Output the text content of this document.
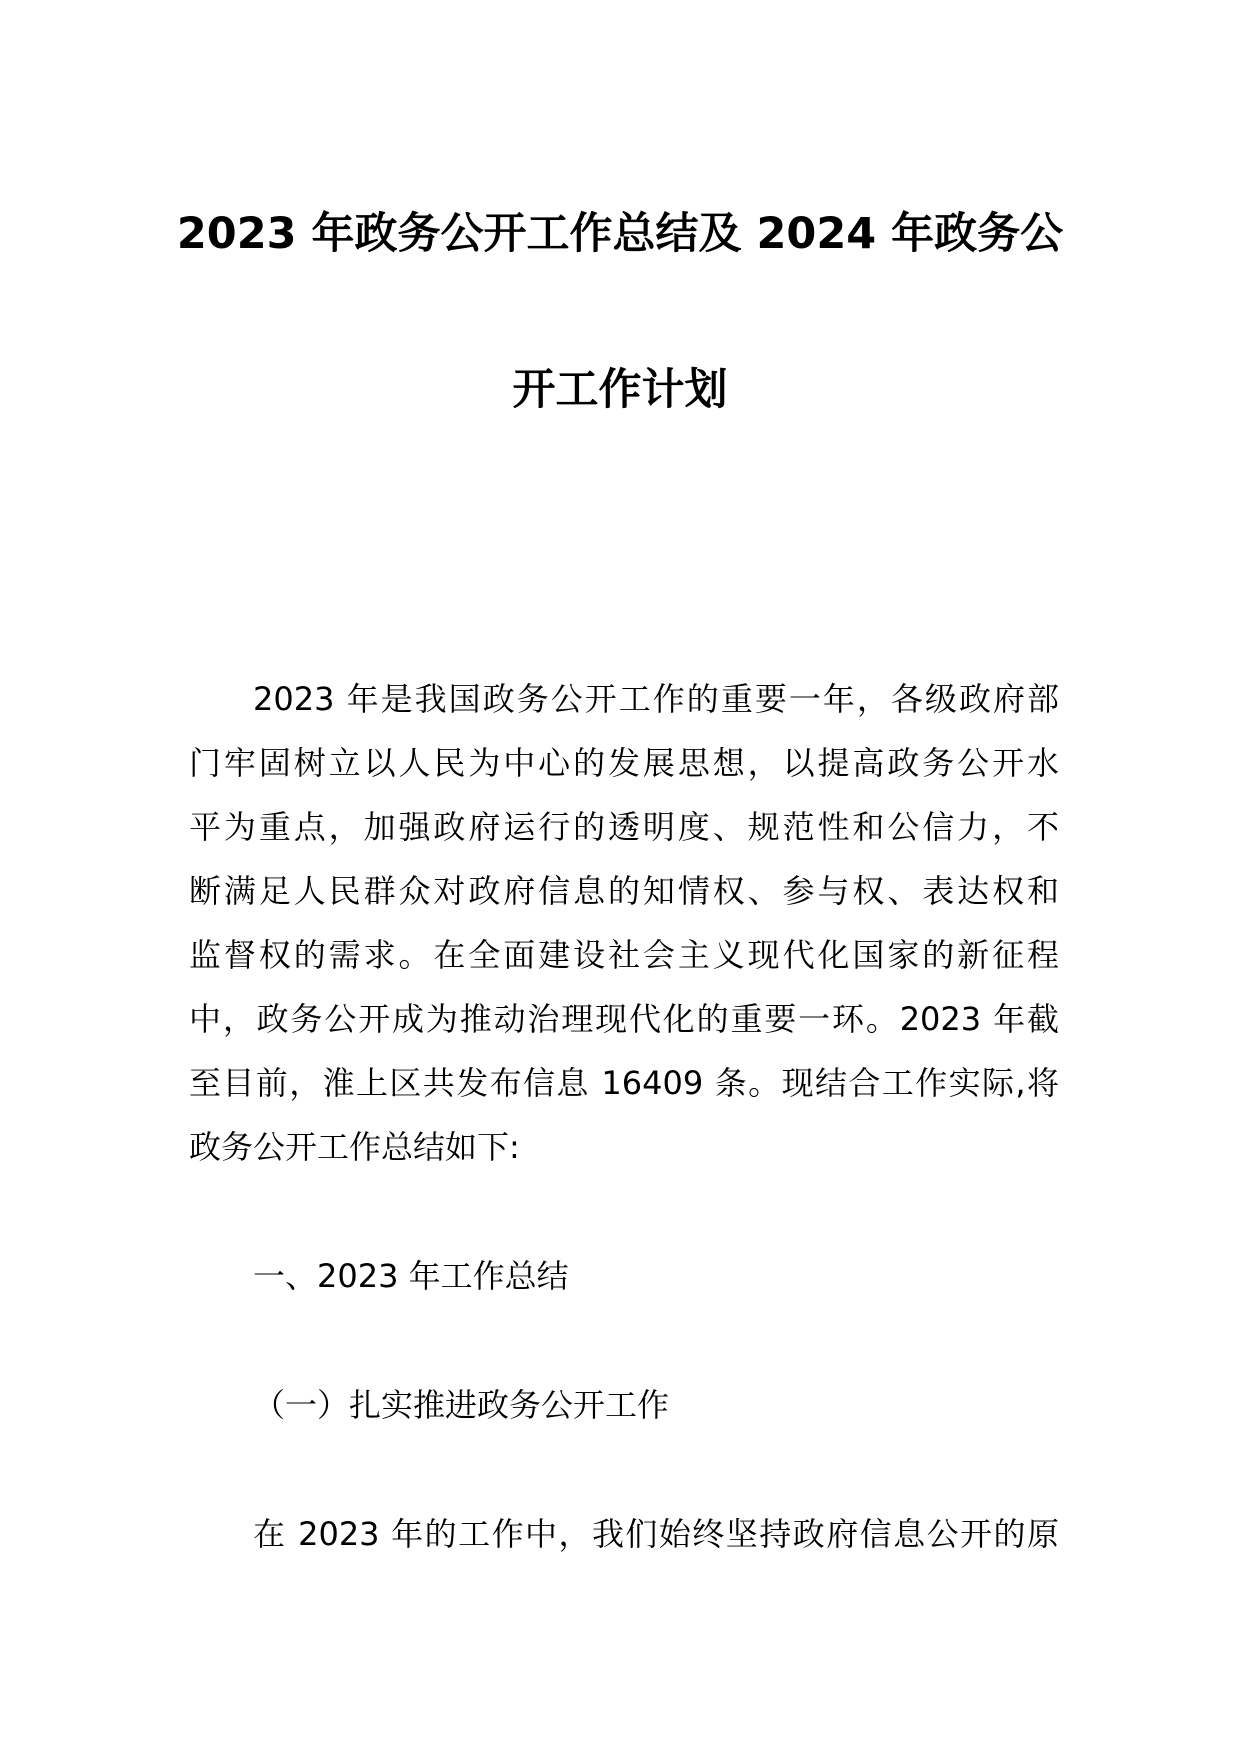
2023 年政务公开工作总结及 2024 年政务公
开工作计划
2023 年是我国政务公开工作的重要一年，各级政府部
门牢固树立以人民为中心的发展思想，以提高政务公开水
平为重点，加强政府运行的透明度、规范性和公信力，不
断满足人民群众对政府信息的知情权、参与权、表达权和
监督权的需求。在全面建设社会主义现代化国家的新征程
中，政务公开成为推动治理现代化的重要一环。2023 年截
至目前，淮上区共发布信息 16409 条。现结合工作实际,将
政务公开工作总结如下:
一、2023 年工作总结
（一）扎实推进政务公开工作
在 2023 年的工作中，我们始终坚持政府信息公开的原
